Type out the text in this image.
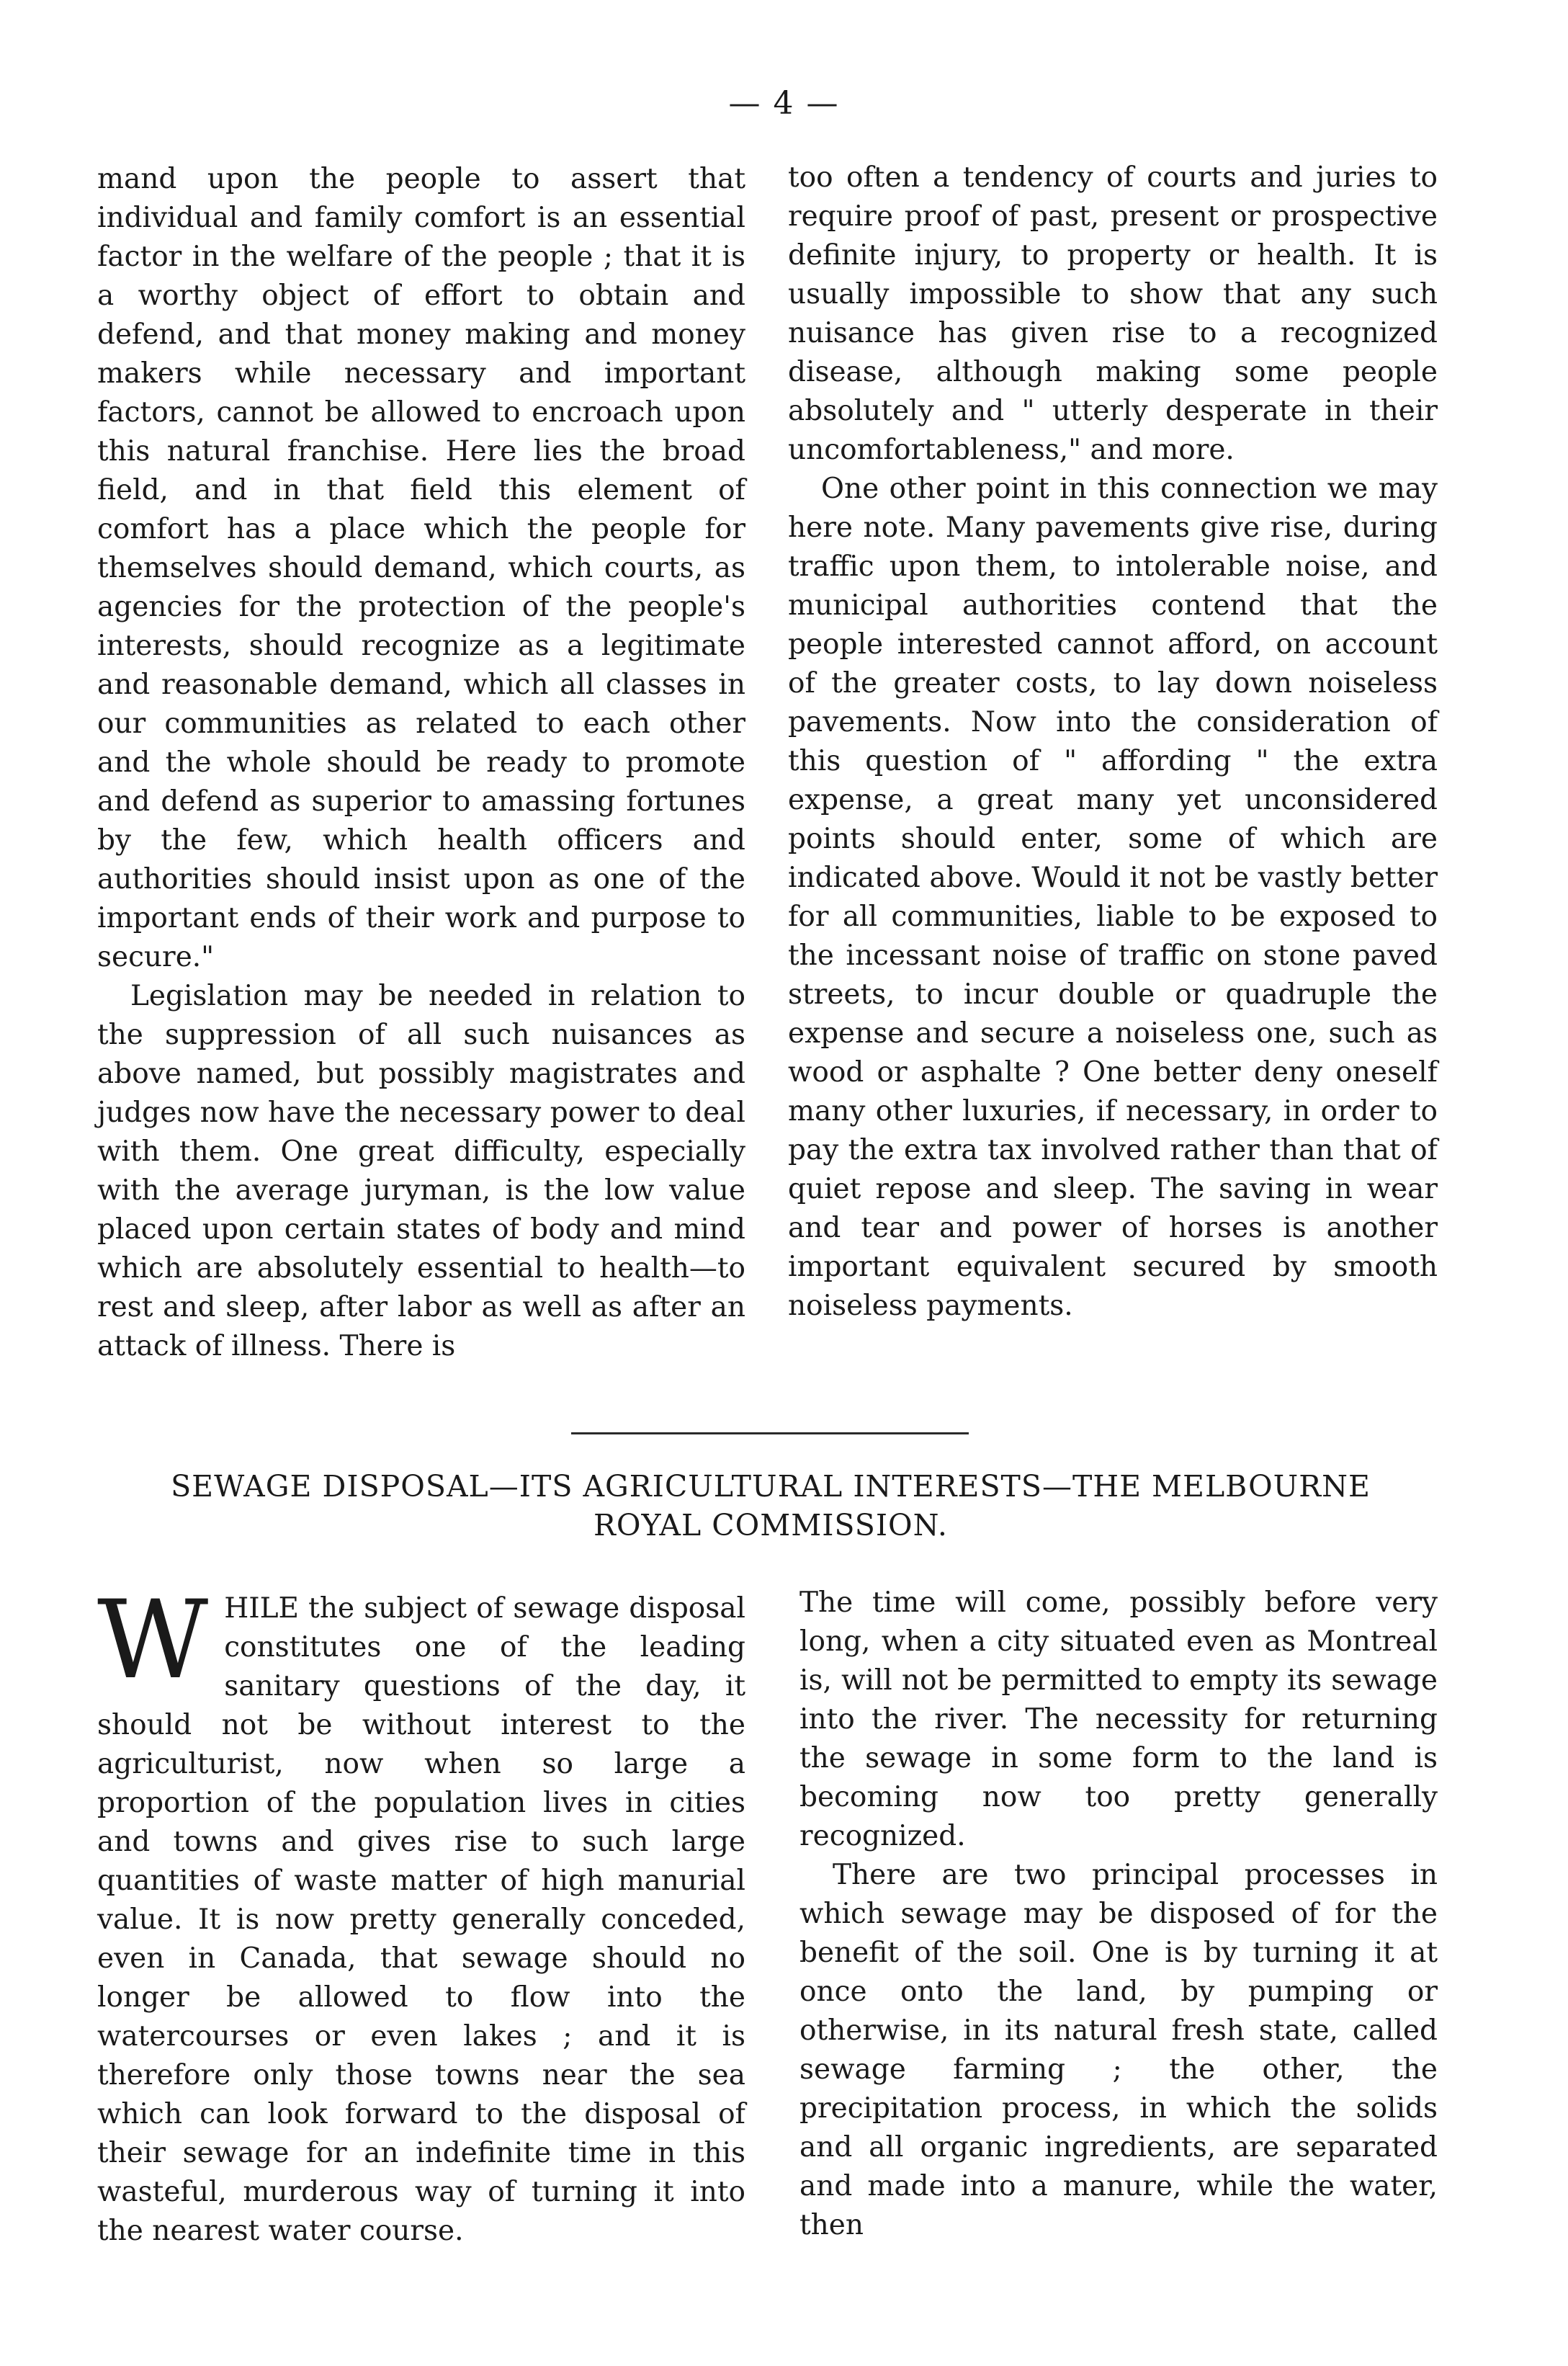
— 4 —

mand upon the people to assert that individual and family comfort is an essential factor in the welfare of the people ; that it is a worthy object of effort to obtain and defend, and that money making and money makers while necessary and important factors, cannot be allowed to encroach upon this natural franchise. Here lies the broad field, and in that field this element of comfort has a place which the people for themselves should demand, which courts, as agencies for the protection of the people's interests, should recognize as a legitimate and reasonable demand, which all classes in our communities as related to each other and the whole should be ready to promote and defend as superior to amassing fortunes by the few, which health officers and authorities should insist upon as one of the important ends of their work and purpose to secure."

Legislation may be needed in relation to the suppression of all such nuisances as above named, but possibly magistrates and judges now have the necessary power to deal with them. One great difficulty, especially with the average juryman, is the low value placed upon certain states of body and mind which are absolutely essential to health—to rest and sleep, after labor as well as after an attack of illness. There is

too often a tendency of courts and juries to require proof of past, present or prospective definite injury, to property or health. It is usually impossible to show that any such nuisance has given rise to a recognized disease, although making some people absolutely and " utterly desperate in their uncomfortableness," and more.

One other point in this connection we may here note. Many pavements give rise, during traffic upon them, to intolerable noise, and municipal authorities contend that the people interested cannot afford, on account of the greater costs, to lay down noiseless pavements. Now into the consideration of this question of " affording " the extra expense, a great many yet unconsidered points should enter, some of which are indicated above. Would it not be vastly better for all communities, liable to be exposed to the incessant noise of traffic on stone paved streets, to incur double or quadruple the expense and secure a noiseless one, such as wood or asphalte ? One better deny oneself many other luxuries, if necessary, in order to pay the extra tax involved rather than that of quiet repose and sleep. The saving in wear and tear and power of horses is another important equivalent secured by smooth noiseless payments.

SEWAGE DISPOSAL—ITS AGRICULTURAL INTERESTS—THE MELBOURNE
ROYAL COMMISSION.

WHILE the subject of sewage disposal constitutes one of the leading sanitary questions of the day, it should not be without interest to the agriculturist, now when so large a proportion of the population lives in cities and towns and gives rise to such large quantities of waste matter of high manurial value. It is now pretty generally conceded, even in Canada, that sewage should no longer be allowed to flow into the watercourses or even lakes ; and it is therefore only those towns near the sea which can look forward to the disposal of their sewage for an indefinite time in this wasteful, murderous way of turning it into the nearest water course.

The time will come, possibly before very long, when a city situated even as Montreal is, will not be permitted to empty its sewage into the river. The necessity for returning the sewage in some form to the land is becoming now too pretty generally recognized.

There are two principal processes in which sewage may be disposed of for the benefit of the soil. One is by turning it at once onto the land, by pumping or otherwise, in its natural fresh state, called sewage farming ; the other, the precipitation process, in which the solids and all organic ingredients, are separated and made into a manure, while the water, then
